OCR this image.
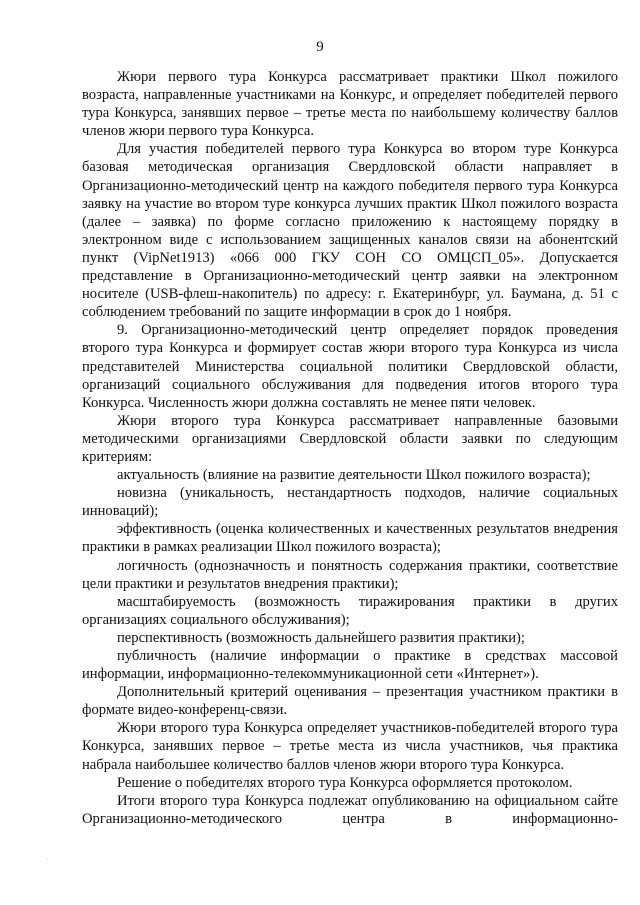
9

Жюри первого тура Конкурса рассматривает практики Школ пожилого возраста, направленные участниками на Конкурс, и определяет победителей первого тура Конкурса, занявших первое – третье места по наибольшему количеству баллов членов жюри первого тура Конкурса.

Для участия победителей первого тура Конкурса во втором туре Конкурса базовая методическая организация Свердловской области направляет в Организационно-методический центр на каждого победителя первого тура Конкурса заявку на участие во втором туре конкурса лучших практик Школ пожилого возраста (далее – заявка) по форме согласно приложению к настоящему порядку в электронном виде с использованием защищенных каналов связи на абонентский пункт (VipNet1913) «066 000 ГКУ СОН СО ОМЦСП_05». Допускается представление в Организационно-методический центр заявки на электронном носителе (USB-флеш-накопитель) по адресу: г. Екатеринбург, ул. Баумана, д. 51 с соблюдением требований по защите информации в срок до 1 ноября.

9. Организационно-методический центр определяет порядок проведения второго тура Конкурса и формирует состав жюри второго тура Конкурса из числа представителей Министерства социальной политики Свердловской области, организаций социального обслуживания для подведения итогов второго тура Конкурса. Численность жюри должна составлять не менее пяти человек.

Жюри второго тура Конкурса рассматривает направленные базовыми методическими организациями Свердловской области заявки по следующим критериям:

актуальность (влияние на развитие деятельности Школ пожилого возраста);

новизна (уникальность, нестандартность подходов, наличие социальных инноваций);

эффективность (оценка количественных и качественных результатов внедрения практики в рамках реализации Школ пожилого возраста);

логичность (однозначность и понятность содержания практики, соответствие цели практики и результатов внедрения практики);

масштабируемость (возможность тиражирования практики в других организациях социального обслуживания);

перспективность (возможность дальнейшего развития практики);

публичность (наличие информации о практике в средствах массовой информации, информационно-телекоммуникационной сети «Интернет»).

Дополнительный критерий оценивания – презентация участником практики в формате видео-конференц-связи.

Жюри второго тура Конкурса определяет участников-победителей второго тура Конкурса, занявших первое – третье места из числа участников, чья практика набрала наибольшее количество баллов членов жюри второго тура Конкурса.

Решение о победителях второго тура Конкурса оформляется протоколом.

Итоги второго тура Конкурса подлежат опубликованию на официальном сайте Организационно-методического центра в информационно-

·
